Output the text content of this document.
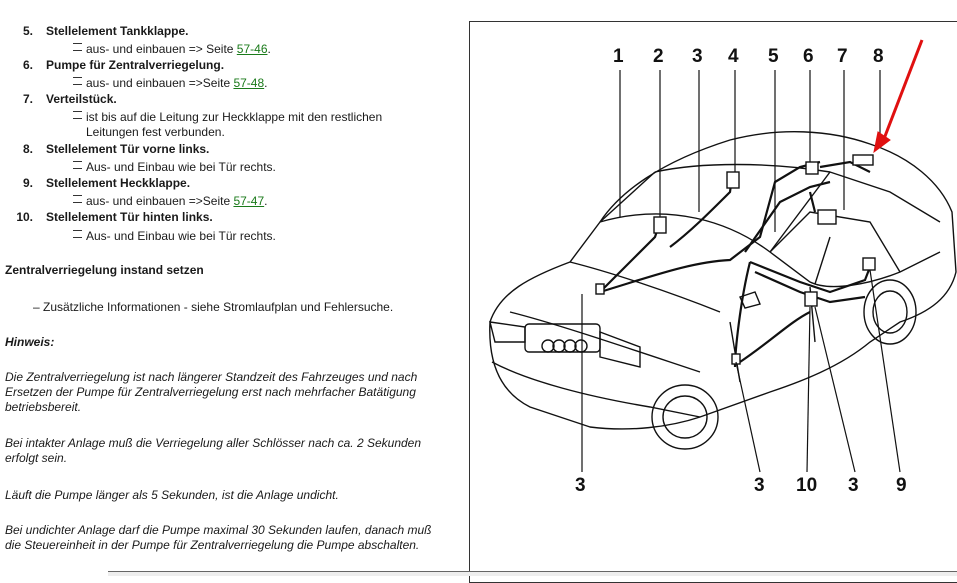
5. Stellelement Tankklappe.
aus- und einbauen => Seite 57-46.
6. Pumpe für Zentralverriegelung.
aus- und einbauen =>Seite 57-48.
7. Verteilstück.
ist bis auf die Leitung zur Heckklappe mit den restlichen
Leitungen fest verbunden.
8. Stellelement Tür vorne links.
Aus- und Einbau wie bei Tür rechts.
9. Stellelement Heckklappe.
aus- und einbauen =>Seite 57-47.
10. Stellelement Tür hinten links.
Aus- und Einbau wie bei Tür rechts.
Zentralverriegelung instand setzen
– Zusätzliche Informationen - siehe Stromlaufplan und Fehlersuche.
Hinweis:
Die Zentralverriegelung ist nach längerer Standzeit des Fahrzeuges und nach Ersetzen der Pumpe für Zentralverriegelung erst nach mehrfacher Batätigung betriebsbereit.
Bei intakter Anlage muß die Verriegelung aller Schlösser nach ca. 2 Sekunden erfolgt sein.
Läuft die Pumpe länger als 5 Sekunden, ist die Anlage undicht.
Bei undichter Anlage darf die Pumpe maximal 30 Sekunden laufen, danach muß die Steuereinheit in der Pumpe für Zentralverriegelung die Pumpe abschalten.
1 2 3 4 5 6 7 8
3	3 10 3 9
